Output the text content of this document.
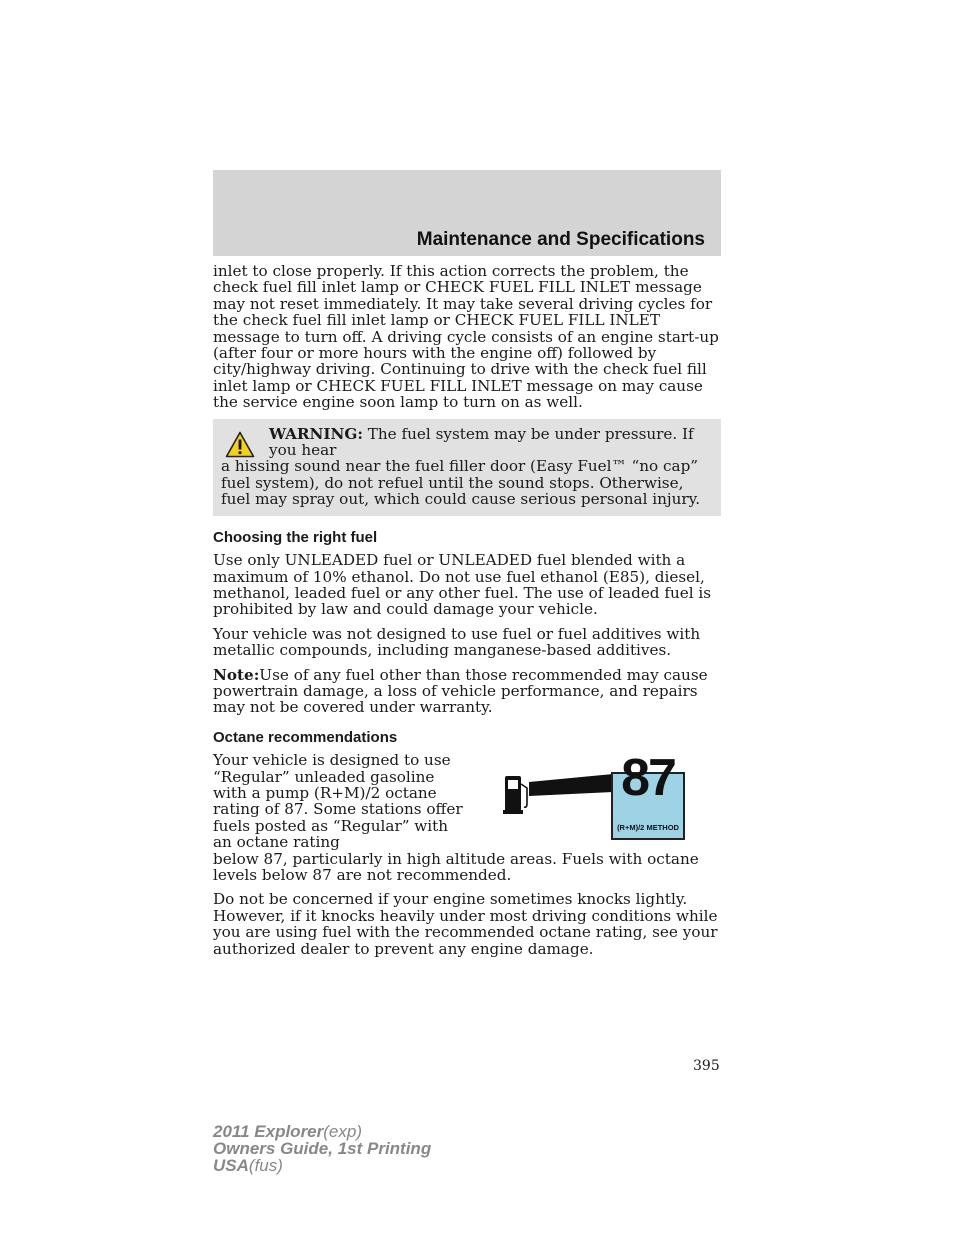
Maintenance and Specifications

inlet to close properly. If this action corrects the problem, the check fuel fill inlet lamp or CHECK FUEL FILL INLET message may not reset immediately. It may take several driving cycles for the check fuel fill inlet lamp or CHECK FUEL FILL INLET message to turn off. A driving cycle consists of an engine start-up (after four or more hours with the engine off) followed by city/highway driving. Continuing to drive with the check fuel fill inlet lamp or CHECK FUEL FILL INLET message on may cause the service engine soon lamp to turn on as well.

WARNING: The fuel system may be under pressure. If you hear
a hissing sound near the fuel filler door (Easy Fuel™ “no cap” fuel system), do not refuel until the sound stops. Otherwise, fuel may spray out, which could cause serious personal injury.
Choosing the right fuel

Use only UNLEADED fuel or UNLEADED fuel blended with a maximum of 10% ethanol. Do not use fuel ethanol (E85), diesel, methanol, leaded fuel or any other fuel. The use of leaded fuel is prohibited by law and could damage your vehicle.

Your vehicle was not designed to use fuel or fuel additives with metallic compounds, including manganese-based additives.

Note:Use of any fuel other than those recommended may cause powertrain damage, a loss of vehicle performance, and repairs may not be covered under warranty.

Octane recommendations
Your vehicle is designed to use “Regular” unleaded gasoline with a pump (R+M)/2 octane rating of 87. Some stations offer fuels posted as “Regular” with an octane rating
87
(R+M)/2 METHOD

below 87, particularly in high altitude areas. Fuels with octane levels below 87 are not recommended.

Do not be concerned if your engine sometimes knocks lightly. However, if it knocks heavily under most driving conditions while you are using fuel with the recommended octane rating, see your authorized dealer to prevent any engine damage.

395
2011 Explorer(exp)
Owners Guide, 1st Printing
USA(fus)
